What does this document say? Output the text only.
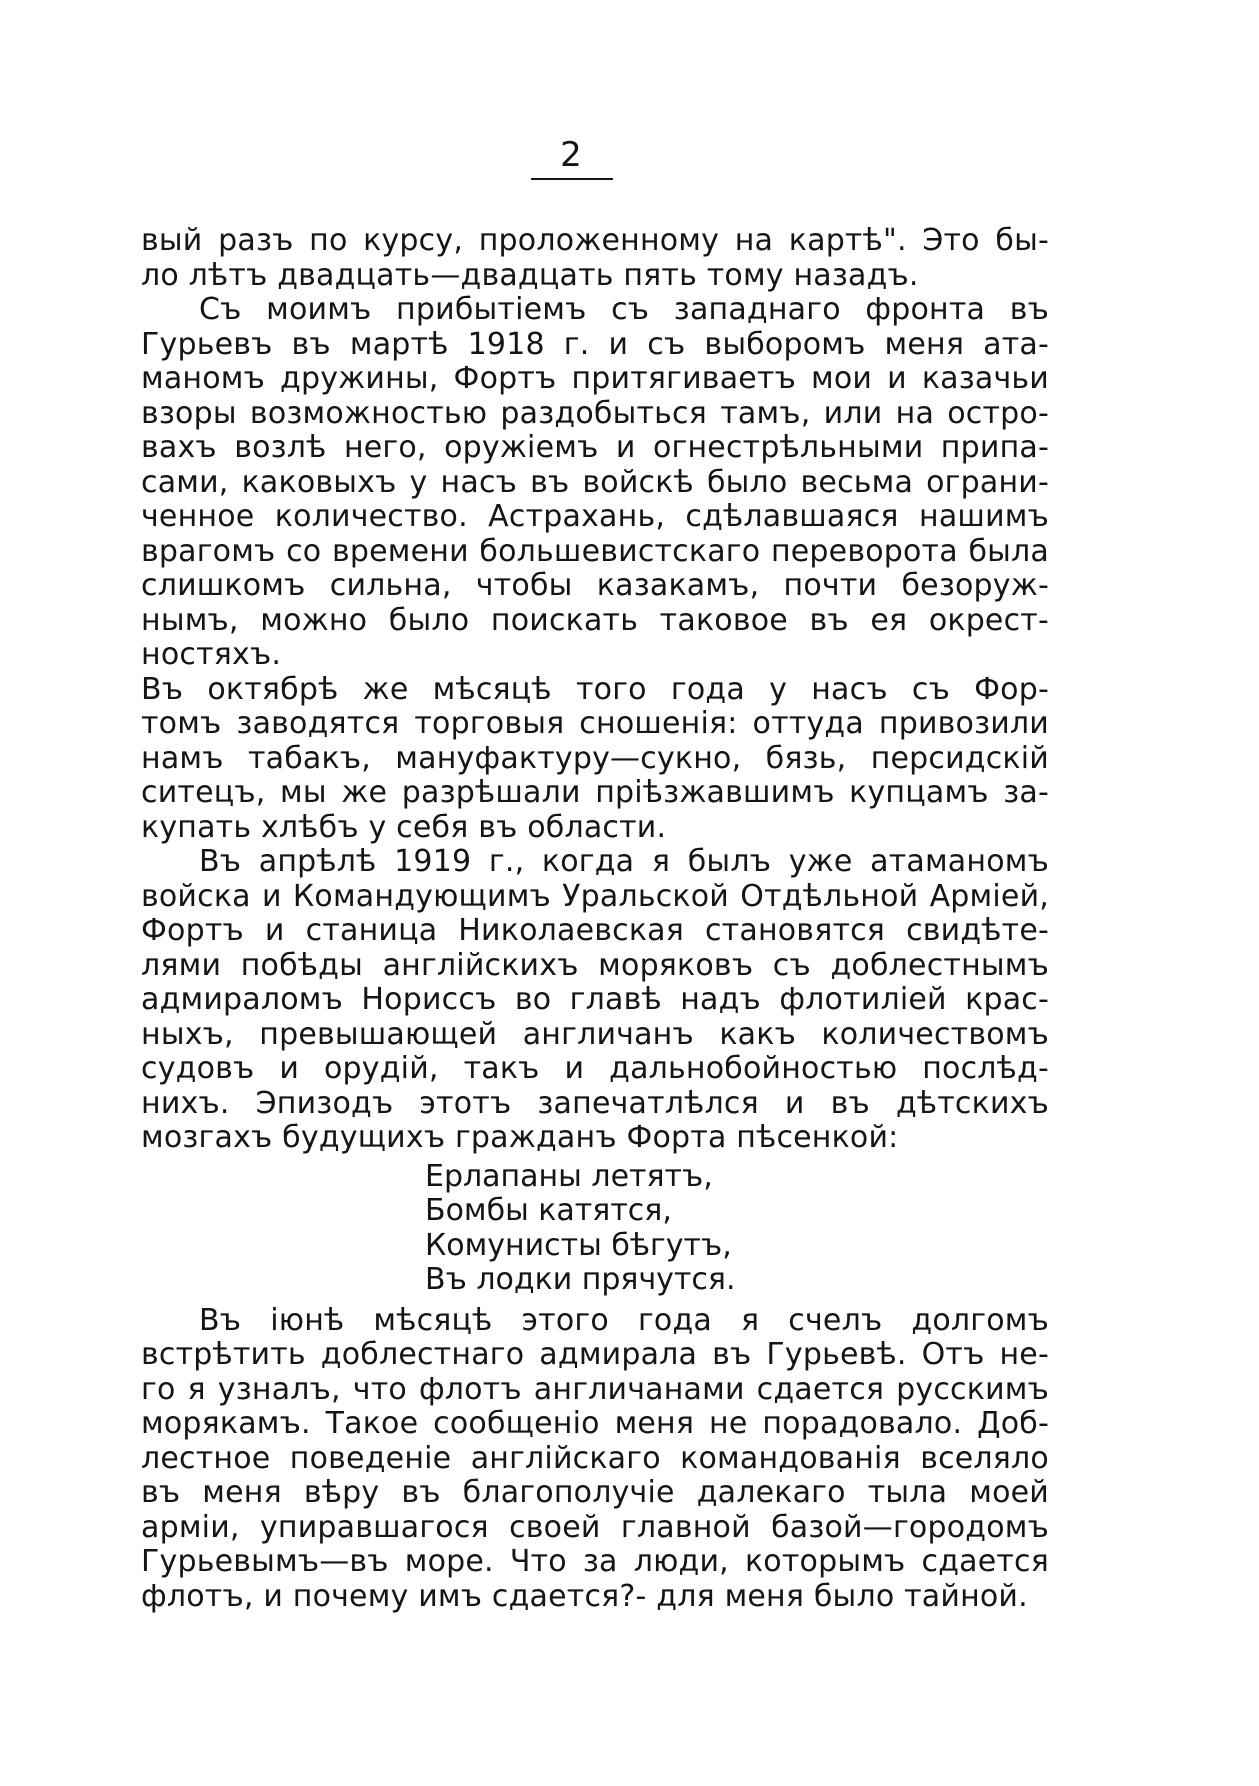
2
вый разъ по курсу, проложенному на картѣ". Это бы-
ло лѣтъ двадцать—двадцать пять тому назадъ.
Съ моимъ прибытiемъ съ западнаго фронта въ
Гурьевъ въ мартѣ 1918 г. и съ выборомъ меня ата-
маномъ дружины, Фортъ притягиваетъ мои и казачьи
взоры возможностью раздобыться тамъ, или на остро-
вахъ возлѣ него, оружiемъ и огнестрѣльными припа-
сами, каковыхъ у насъ въ войскѣ было весьма ограни-
ченное количество. Астрахань, сдѣлавшаяся нашимъ
врагомъ со времени большевистскаго переворота была
слишкомъ сильна, чтобы казакамъ, почти безоруж-
нымъ, можно было поискать таковое въ ея окрест-
ностяхъ.
Въ октябрѣ же мѣсяцѣ того года у насъ съ Фор-
томъ заводятся торговыя сношенiя: оттуда привозили
намъ табакъ, мануфактуру—сукно, бязь, персидскiй
ситецъ, мы же разрѣшали прiѣзжавшимъ купцамъ за-
купать хлѣбъ у себя въ области.
Въ апрѣлѣ 1919 г., когда я былъ уже атаманомъ
войска и Командующимъ Уральской Отдѣльной Армiей,
Фортъ и станица Николаевская становятся свидѣте-
лями побѣды англiйскихъ моряковъ съ доблестнымъ
адмираломъ Норисcъ во главѣ надъ флотилiей крас-
ныхъ, превышающей англичанъ какъ количествомъ
судовъ и орудiй, такъ и дальнобойностью послѣд-
нихъ. Эпизодъ этотъ запечатлѣлся и въ дѣтскихъ
мозгахъ будущихъ гражданъ Форта пѣсенкой:
Ерлапаны летятъ,
Бомбы катятся,
Комунисты бѣгутъ,
Въ лодки прячутся.
Въ iюнѣ мѣсяцѣ этого года я счелъ долгомъ
встрѣтить доблестнаго адмирала въ Гурьевѣ. Отъ не-
го я узналъ, что флотъ англичанами сдается русскимъ
морякамъ. Такое сообщенiо меня не порадовало. Доб-
лестное поведенiе англiйскаго командованiя вселяло
въ меня вѣру въ благополучiе далекаго тыла моей
армiи, упиравшагося своей главной базой—городомъ
Гурьевымъ—въ море. Что за люди, которымъ сдается
флотъ, и почему имъ сдается?- для меня было тайной.
